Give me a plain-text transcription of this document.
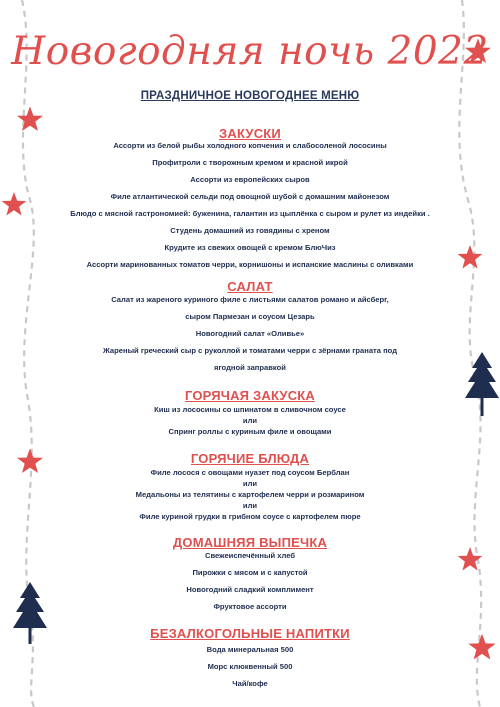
Новогодняя ночь 2022
ПРАЗДНИЧНОЕ НОВОГОДНЕЕ МЕНЮ
ЗАКУСКИ
Ассорти из белой рыбы холодного копчения и слабосоленой лососины
Профитроли с творожным кремом и красной икрой
Ассорти из европейских сыров
Филе атлантической сельди под овощной шубой с домашним майонезом
Блюдо с мясной гастрономией: буженина, галантин из цыплёнка с сыром и рулет из индейки .
Студень домашний из говядины с хреном
Крудите из свежих овощей с кремом БлюЧиз
Ассорти маринованных томатов черри, корнишоны и испанские маслины с оливками
САЛАТ
Салат из жареного куриного филе с листьями салатов романо и айсберг,
сыром Пармезан и соусом Цезарь
Новогодний салат «Оливье»
Жареный греческий сыр с руколлой и томатами черри с зёрнами граната под
ягодной заправкой
ГОРЯЧАЯ ЗАКУСКА
Киш из лососины со шпинатом в сливочном соусе
или
Спринг роллы с куриным филе и овощами
ГОРЯЧИЕ БЛЮДА
Филе лосося с овощами нуазет под соусом Берблан
или
Медальоны из телятины с картофелем черри и розмарином
или
Филе куриной грудки в грибном соусе с картофелем пюре
ДОМАШНЯЯ ВЫПЕЧКА
Свежеиспечённый хлеб
Пирожки с мясом и с капустой
Новогодний сладкий комплимент
Фруктовое ассорти
БЕЗАЛКОГОЛЬНЫЕ НАПИТКИ
Вода минеральная 500
Морс клюквенный 500
Чай/кофе
